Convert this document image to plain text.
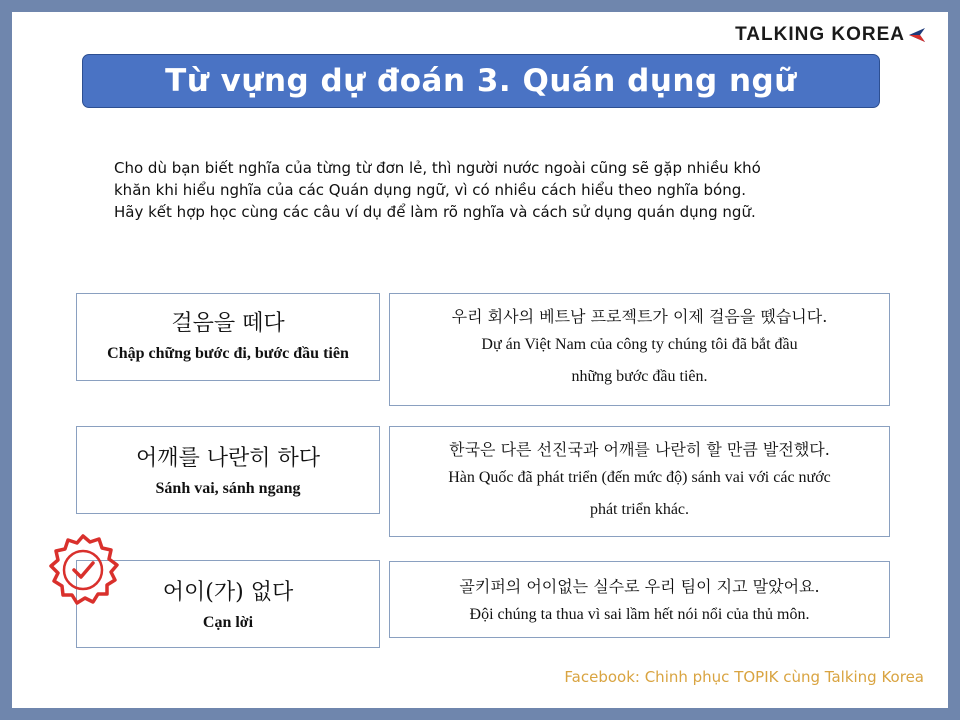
TALKING KOREA
Từ vựng dự đoán 3. Quán dụng ngữ

Cho dù bạn biết nghĩa của từng từ đơn lẻ, thì người nước ngoài cũng sẽ gặp nhiều khó

khăn khi hiểu nghĩa của các Quán dụng ngữ, vì có nhiều cách hiểu theo nghĩa bóng.

Hãy kết hợp học cùng các câu ví dụ để làm rõ nghĩa và cách sử dụng quán dụng ngữ.

걸음을 떼다
Chập chững bước đi, bước đầu tiên
우리 회사의 베트남 프로젝트가 이제 걸음을 뗐습니다.
Dự án Việt Nam của công ty chúng tôi đã bắt đầu
những bước đầu tiên.
어깨를 나란히 하다
Sánh vai, sánh ngang
한국은 다른 선진국과 어깨를 나란히 할 만큼 발전했다.
Hàn Quốc đã phát triển (đến mức độ) sánh vai với các nước
phát triển khác.
어이(가) 없다
Cạn lời
골키퍼의 어이없는 실수로 우리 팀이 지고 말았어요.
Đội chúng ta thua vì sai lầm hết nói nổi của thủ môn.
Facebook: Chinh phục TOPIK cùng Talking Korea
